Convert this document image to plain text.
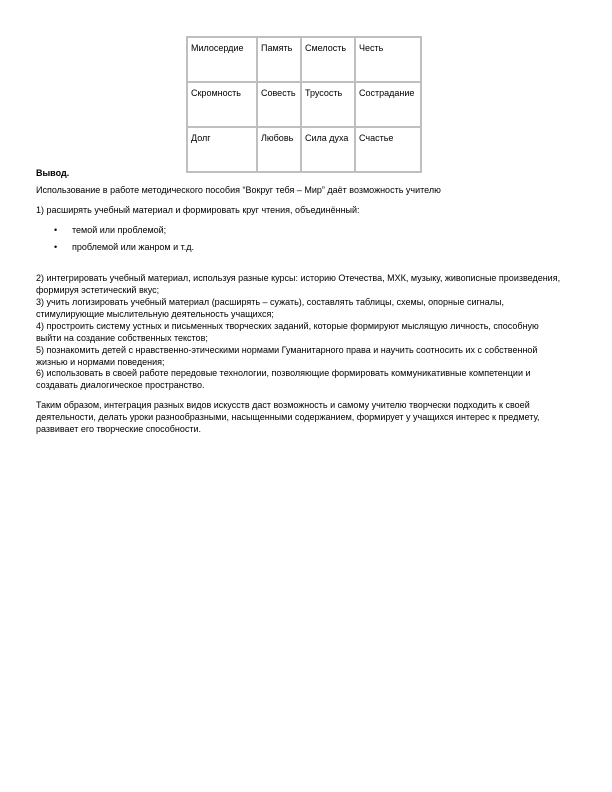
Милосердие	Память	Смелость	Честь
Скромность	Совесть	Трусость	Сострадание
Долг	Любовь	Сила духа	Счастье

Вывод.

Использование в работе методического пособия “Вокруг тебя – Мир” даёт возможность учителю

1) расширять учебный материал и формировать круг чтения, объединённый:

• темой или проблемой;
• проблемой или жанром и т.д.

2) интегрировать учебный материал, используя разные курсы: историю Отечества, МХК, музыку, живописные произведения, формируя эстетический вкус;

3) учить логизировать учебный материал (расширять – сужать), составлять таблицы, схемы, опорные сигналы, стимулирующие мыслительную деятельность учащихся;

4) простроить систему устных и письменных творческих заданий, которые формируют мыслящую личность, способную выйти на создание собственных текстов;

5) познакомить детей с нравственно-этическими нормами Гуманитарного права и научить соотносить их с собственной жизнью и нормами поведения;

6) использовать в своей работе передовые технологии, позволяющие формировать коммуникативные компетенции и создавать диалогическое пространство.

Таким образом, интеграция разных видов искусств даст возможность и самому учителю творчески подходить к своей деятельности, делать уроки разнообразными, насыщенными содержанием, формирует у учащихся интерес к предмету, развивает его творческие способности.
